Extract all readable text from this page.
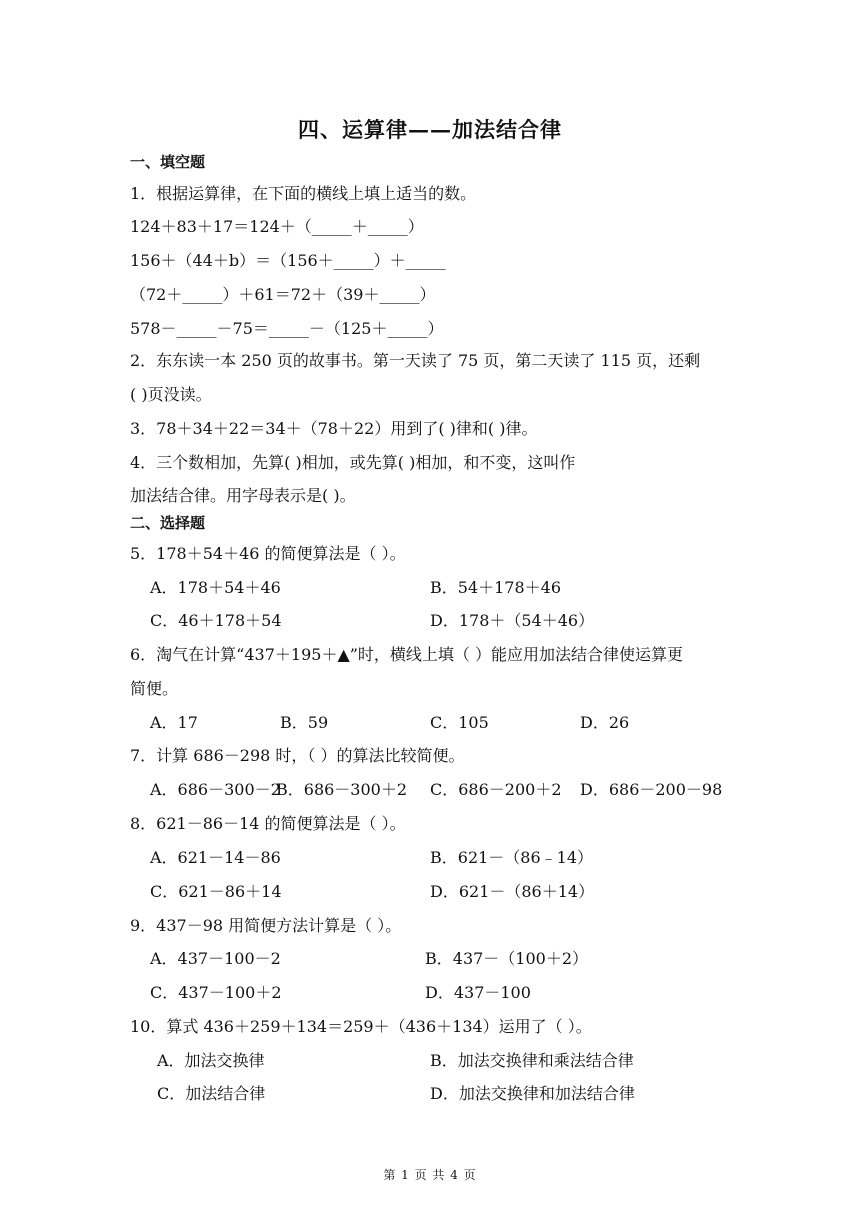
四、运算律——加法结合律
一、填空题
1．根据运算律，在下面的横线上填上适当的数。
124＋83＋17＝124＋（_____＋_____）
156＋（44＋b）＝（156＋_____）＋_____
（72＋_____）＋61＝72＋（39＋_____）
578－_____－75＝_____－（125＋_____）
2．东东读一本 250 页的故事书。第一天读了 75 页，第二天读了 115 页，还剩
( )页没读。
3．78＋34＋22＝34＋（78＋22）用到了( )律和( )律。
4．三个数相加，先算( )相加，或先算( )相加，和不变，这叫作
加法结合律。用字母表示是( )。
二、选择题
5．178＋54＋46 的简便算法是（ ）。
A．178＋54＋46	B．54＋178＋46
C．46＋178＋54	D．178＋（54＋46）
6．淘气在计算“437＋195＋▲”时，横线上填（ ）能应用加法结合律使运算更
简便。
A．17	B．59	C．105	D．26
7．计算 686－298 时，（ ）的算法比较简便。
A．686－300－2
B．686－300＋2 C．686－200＋2 D．686－200－98
8．621－86－14 的简便算法是（ ）。
A．621－14－86	B．621－（86﹣14）
C．621－86＋14	D．621－（86＋14）
9．437－98 用简便方法计算是（ ）。
A．437－100－2	B．437－（100＋2）
C．437－100＋2	D．437－100
10．算式 436＋259＋134＝259＋（436＋134）运用了（ ）。
A．加法交换律	B．加法交换律和乘法结合律
C．加法结合律	D．加法交换律和加法结合律
第 1 页 共 4 页
